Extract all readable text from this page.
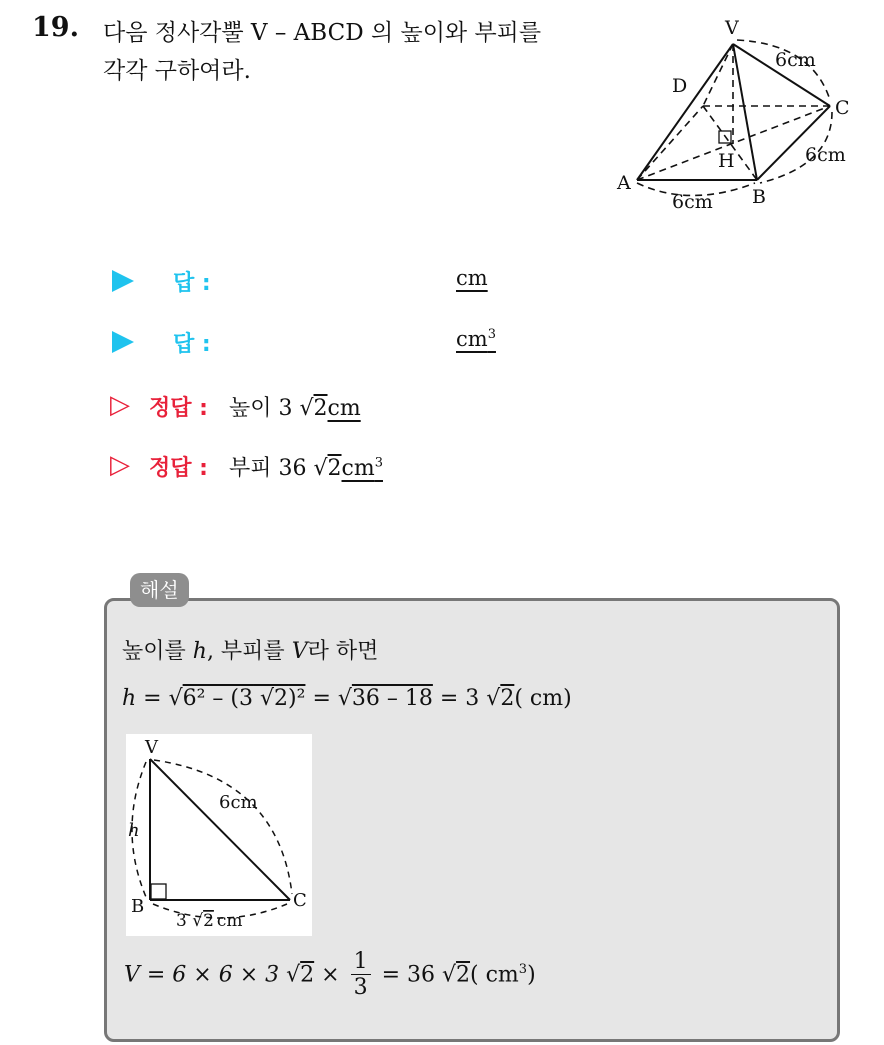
19. 다음 정사각뿔 V – ABCD 의 높이와 부피를
각각 구하여라.
V
D
C
A
B
H
6cm
6cm
6cm
답 :	cm
답 :	$cm^3$
▷ 정답 : 높이 3 √2cm
▷ 정답 : 부피 36 $√2cm^3$
해설
높이를 h, 부피를 V라 하면
h = √6² – (3 √2)² = √36 – 18 = 3 √2( cm)
V
B	C
h
6cm
3 √2 cm
V = 6 × 6 × 3 $√2 \times \frac{1}{3} = 36$ √2( $cm^3$)
